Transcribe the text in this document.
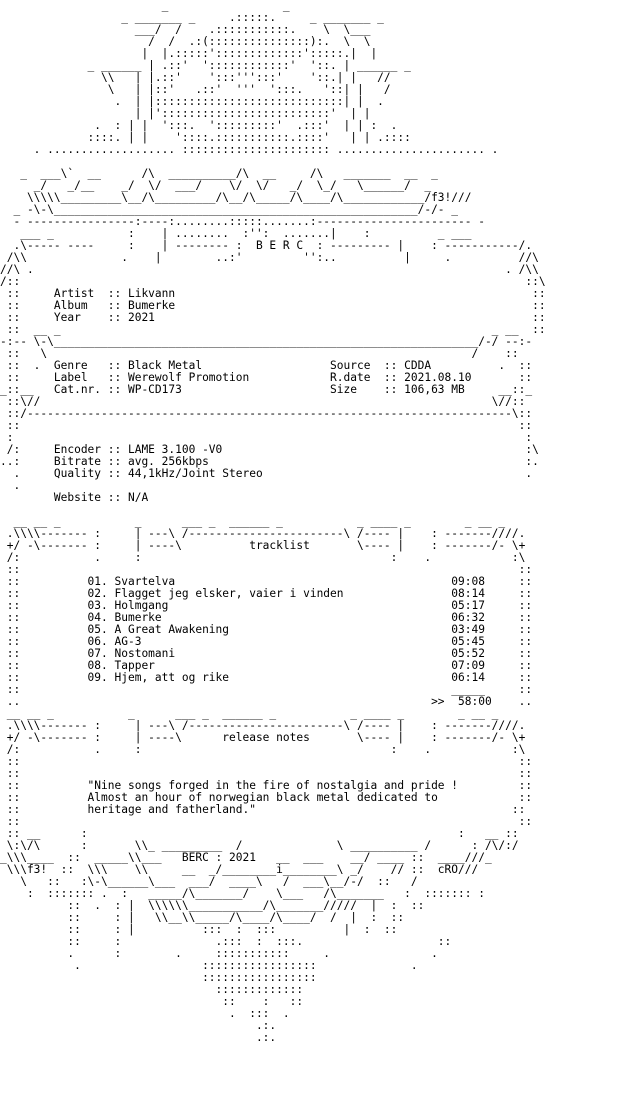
_                 _
_ _______ _     .:::::.     _ _______ _
___/  /    .:::::::::::.    \  \___
/  /  .:(:::::::::::::::):.  \  \
|  |.:::::':::::::::::::':::::.|  |
_ ______ | .::'  '::::::::::::'  '::. | ______ _
\\   | |.::'    ':::''':::'    '::.| |   //
\   | |::'   .::'  '''  ':::.   '::| |   /
.  | |::::::::::::::::::::::::::::| |  .
| |':::::::::::::::::::::::::'  | |
.  : | |  ':::.  ':::::::::'  .:::'  | | :  .
::::. | |    '::::.:::::::::::.::::'   | | .::::
. ................... :::::::::::::::::::::: ...................... .
_  ___\`  __      /\  __________/\  __     /\   _______  __  _
_/   _/__    _/  \/  ___/    \/  \/   _/  \_/   \______/  _
\\\\\_________\__/\_________/\__/\_____/\____/\____________/f3!///
_ -\-\______________________________________________________/-/- _
- ----------------:----:........:::::.......:----------------------- -
___ _           :    | ........  :'':  .......|    :          _ ___
.\----- ----     :    | -------- :  B E R C  : --------- |    : -----------/.
/\\              .    |        ..:'         '':..          |     .          //\
//\ .                                                                      . /\\
/::                                                                           ::\
::     Artist  :: Likvann                                                     ::
::     Album   :: Bumerke                                                     ::
::     Year    :: 2021                                                        ::
::  __ _                                                                _ __  ::
-:-- \-\_______________________________________________________________/-/ --:-
::   \                                                               /    ::
::  .  Genre   :: Black Metal                   Source  :: CDDA          .  ::
::     Label   :: Werewolf Promotion            R.date  :: 2021.08.10       ::
_::__   Cat.nr. :: WP-CD173                      Size    :: 106,63 MB     __::_
::\//                                                                   \//::
::/------------------------------------------------------------------------\::
::                                                                          ::
:                                                                            :
/:     Encoder :: LAME 3.100 -V0                                             :\
..:     Bitrate :: avg. 256kbps                                               :.
.     Quality :: 44,1kHz/Joint Stereo                                       .
.
Website :: N/A
__ __ _           _      ___ _  ______ _           _ ____ _        _ __ _
.\\\\------- :     | ---\ /-----------------------\ /---- |    : -------////.
+/ -\------- :     | ----\          tracklist       \---- |    : -------/- \+
/:           .     :                                     :    .            :\
::                                                                          ::
::          01. Svartelva                                         09:08     ::
::          02. Flagget jeg elsker, vaier i vinden                08:14     ::
::          03. Holmgang                                          05:17     ::
::          04. Bumerke                                           06:32     ::
::          05. A Great Awakening                                 03:49     ::
::          06. AG-3                                              05:45     ::
::          07. Nostomani                                         05:52     ::
::          08. Tapper                                            07:09     ::
::          09. Hjem, att og rike                                 06:14     ::
::                                                                _____     ::
..                                                             >>  58:00    ..
__ __ _           _      ___ _  ______ _           _ ____ _        _ __ _
.\\\\------- :     | ---\ /-----------------------\ /---- |    : -------////.
+/ -\------- :     | ----\      release notes       \---- |    : -------/- \+
/:           .     :                                     :    .            :\
::                                                                          ::
::                                                                          ::
::          "Nine songs forged in the fire of nostalgia and pride !         ::
::          Almost an hour of norwegian black metal dedicated to            ::
::          heritage and fatherland."                                      ::
::                                                                          ::
:: __      :                                                       :   __ ::
\:\/\      :       \\_ _________  /              \ __________ /      : /\/:/
_\\\____  ::  _____\\___   BERC : 2021   __  ___    __/ ____ ::  ____///_
\\\f3!  ::  \\\    \\     __  _/________i________\ _/    // ::  cRO///
\   ::   :\-\______\___  ___/  ____\   /  ___\__/-/  ::   /
:  ::::::: .  :   _____/\_______/    \___   /\_______   :  ::::::: :
::  .  : |  \\\\\\___________/\_______/////  |  :  ::
::     : |   \\__\\_____/\____/\____/  /  |  :  ::
::     : |          :::  :  :::          |  :  ::
::     :              .:::  :  :::.                    ::
.      :        .     :::::::::::     .               .
.                  :::::::::::::::::              .
:::::::::::::::::
:::::::::::::
::    :   ::
.  :::  .
.:.
.:.
